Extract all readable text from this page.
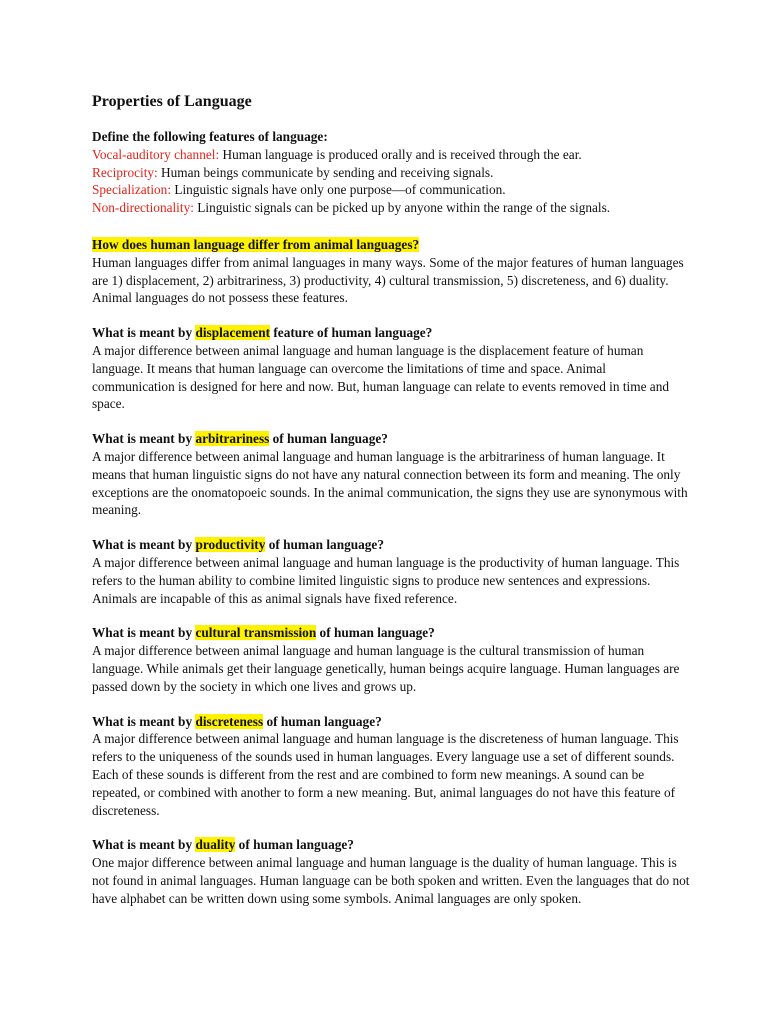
Properties of Language

Define the following features of language:

Vocal-auditory channel: Human language is produced orally and is received through the ear.

Reciprocity: Human beings communicate by sending and receiving signals.

Specialization: Linguistic signals have only one purpose—of communication.

Non-directionality: Linguistic signals can be picked up by anyone within the range of the signals.

How does human language differ from animal languages?

Human languages differ from animal languages in many ways. Some of the major features of human languages are 1) displacement, 2) arbitrariness, 3) productivity, 4) cultural transmission, 5) discreteness, and 6) duality. Animal languages do not possess these features.

What is meant by displacement feature of human language?

A major difference between animal language and human language is the displacement feature of human language. It means that human language can overcome the limitations of time and space. Animal communication is designed for here and now. But, human language can relate to events removed in time and space.

What is meant by arbitrariness of human language?

A major difference between animal language and human language is the arbitrariness of human language. It means that human linguistic signs do not have any natural connection between its form and meaning. The only exceptions are the onomatopoeic sounds. In the animal communication, the signs they use are synonymous with meaning.

What is meant by productivity of human language?

A major difference between animal language and human language is the productivity of human language. This refers to the human ability to combine limited linguistic signs to produce new sentences and expressions. Animals are incapable of this as animal signals have fixed reference.

What is meant by cultural transmission of human language?

A major difference between animal language and human language is the cultural transmission of human language. While animals get their language genetically, human beings acquire language. Human languages are passed down by the society in which one lives and grows up.

What is meant by discreteness of human language?

A major difference between animal language and human language is the discreteness of human language. This refers to the uniqueness of the sounds used in human languages. Every language use a set of different sounds. Each of these sounds is different from the rest and are combined to form new meanings. A sound can be repeated, or combined with another to form a new meaning. But, animal languages do not have this feature of discreteness.

What is meant by duality of human language?

One major difference between animal language and human language is the duality of human language. This is not found in animal languages. Human language can be both spoken and written. Even the languages that do not have alphabet can be written down using some symbols. Animal languages are only spoken.
